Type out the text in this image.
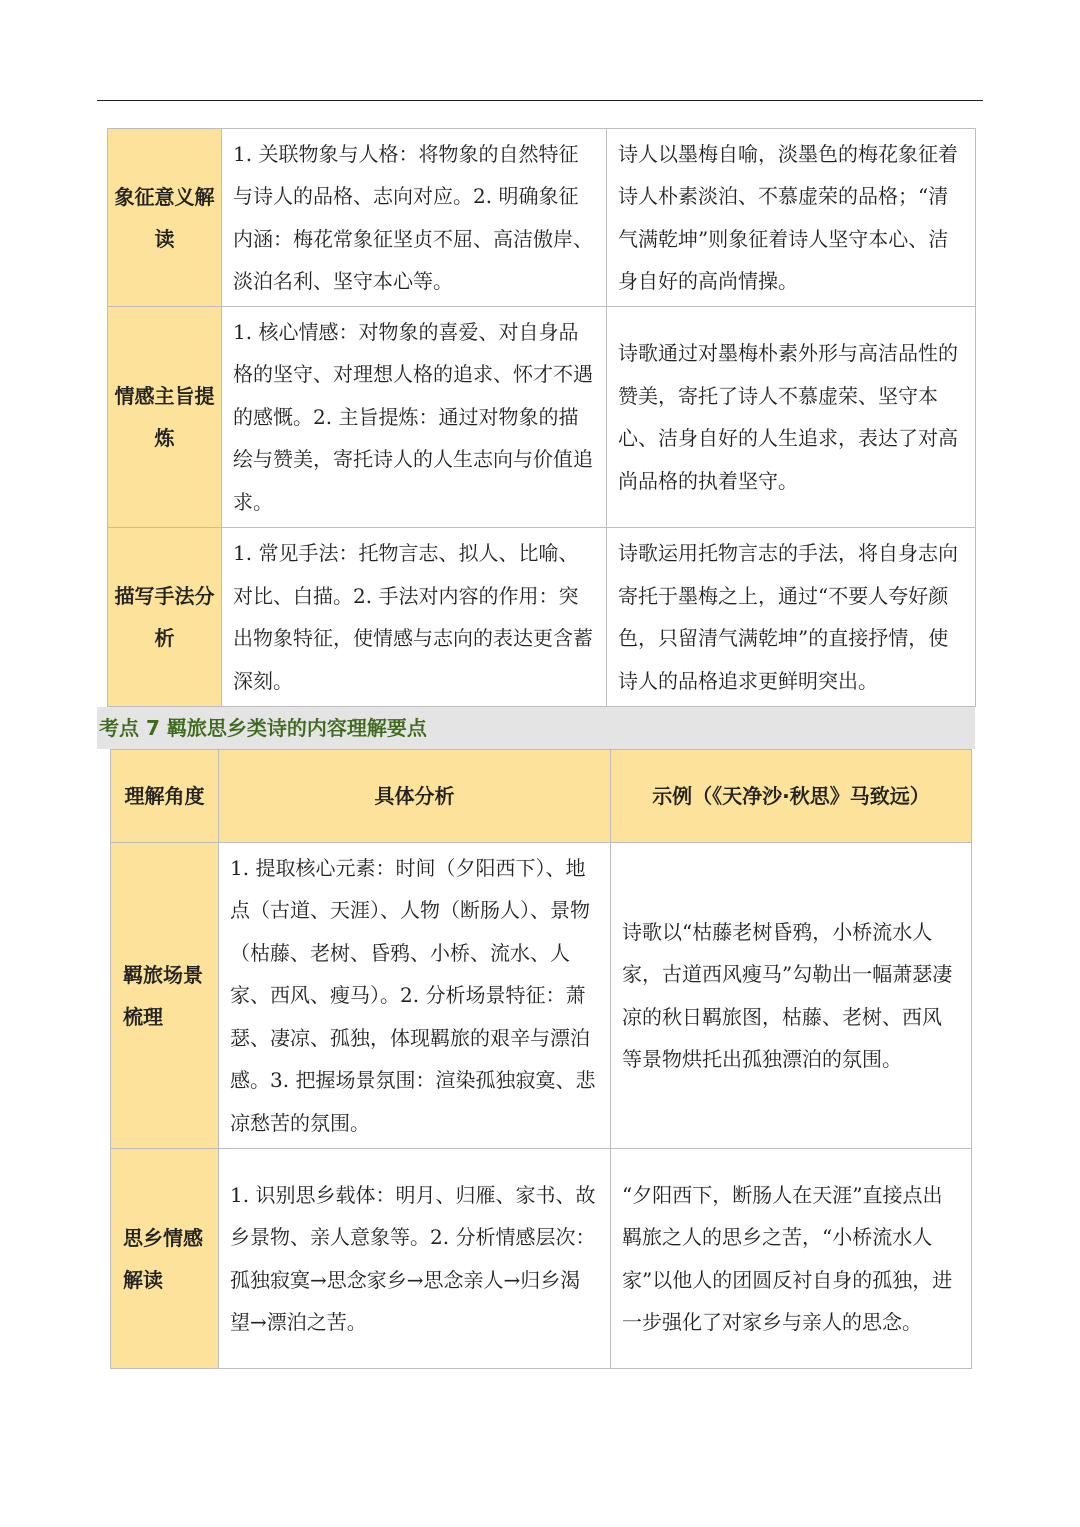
象征意义解读	1. 关联物象与人格：将物象的自然特征与诗人的品格、志向对应。2. 明确象征内涵：梅花常象征坚贞不屈、高洁傲岸、淡泊名利、坚守本心等。	诗人以墨梅自喻，淡墨色的梅花象征着诗人朴素淡泊、不慕虚荣的品格；“清气满乾坤”则象征着诗人坚守本心、洁身自好的高尚情操。
情感主旨提炼	1. 核心情感：对物象的喜爱、对自身品格的坚守、对理想人格的追求、怀才不遇的感慨。2. 主旨提炼：通过对物象的描绘与赞美，寄托诗人的人生志向与价值追求。	诗歌通过对墨梅朴素外形与高洁品性的赞美，寄托了诗人不慕虚荣、坚守本心、洁身自好的人生追求，表达了对高尚品格的执着坚守。
描写手法分析	1. 常见手法：托物言志、拟人、比喻、对比、白描。2. 手法对内容的作用：突出物象特征，使情感与志向的表达更含蓄深刻。	诗歌运用托物言志的手法，将自身志向寄托于墨梅之上，通过“不要人夸好颜色，只留清气满乾坤”的直接抒情，使诗人的品格追求更鲜明突出。
考点 7 羁旅思乡类诗的内容理解要点
理解角度	具体分析	示例（《天净沙·秋思》马致远）
羁旅场景梳理	1. 提取核心元素：时间（夕阳西下）、地点（古道、天涯）、人物（断肠人）、景物（枯藤、老树、昏鸦、小桥、流水、人家、西风、瘦马）。2. 分析场景特征：萧瑟、凄凉、孤独，体现羁旅的艰辛与漂泊感。3. 把握场景氛围：渲染孤独寂寞、悲凉愁苦的氛围。	诗歌以“枯藤老树昏鸦，小桥流水人家，古道西风瘦马”勾勒出一幅萧瑟凄凉的秋日羁旅图，枯藤、老树、西风等景物烘托出孤独漂泊的氛围。
思乡情感解读	1. 识别思乡载体：明月、归雁、家书、故乡景物、亲人意象等。2. 分析情感层次：孤独寂寞→思念家乡→思念亲人→归乡渴望→漂泊之苦。	“夕阳西下，断肠人在天涯”直接点出羁旅之人的思乡之苦，“小桥流水人家”以他人的团圆反衬自身的孤独，进一步强化了对家乡与亲人的思念。
